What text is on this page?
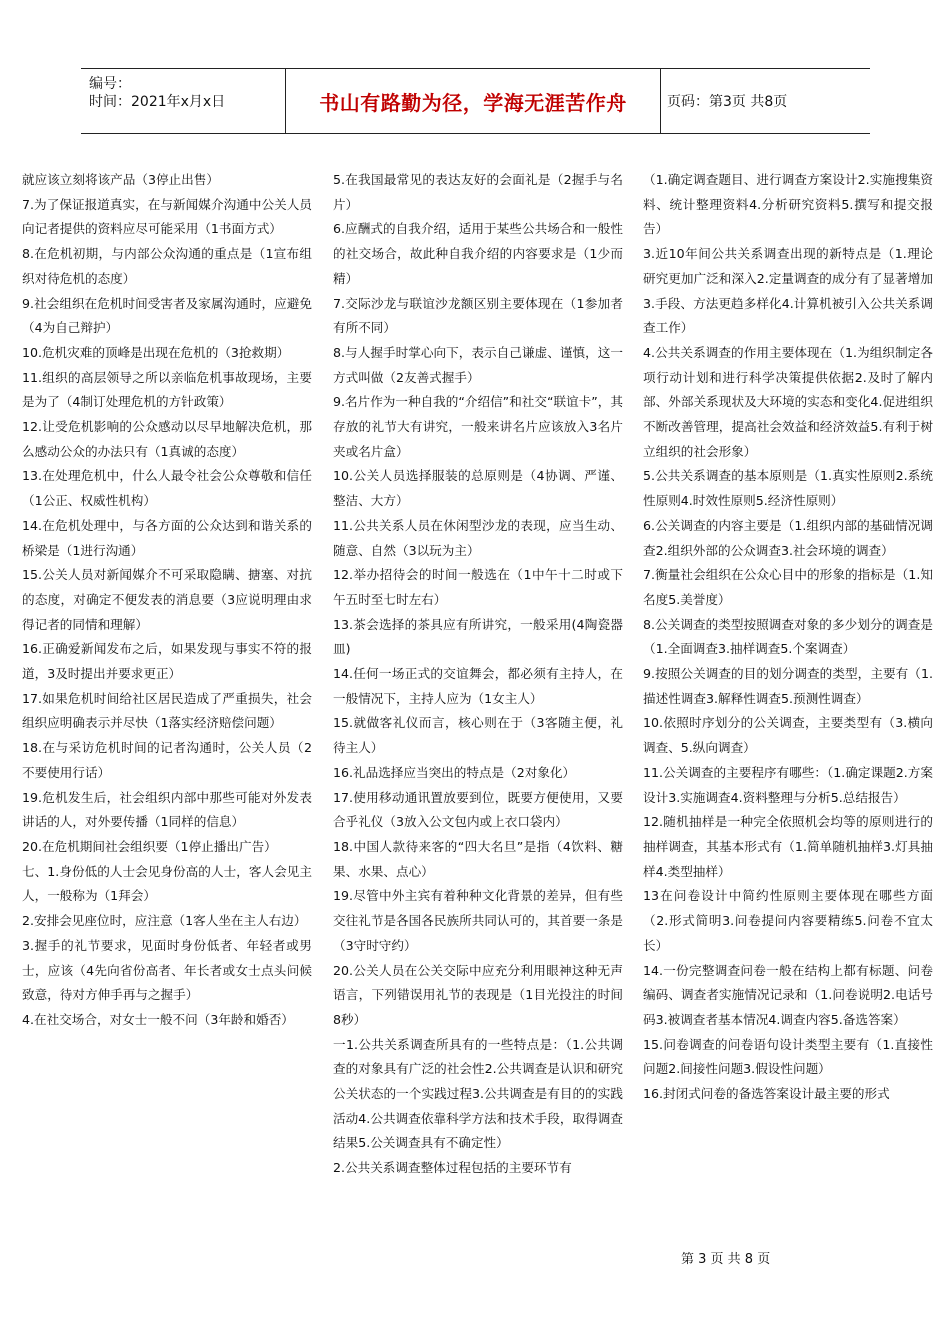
编号：
时间：2021年x月x日	书山有路勤为径，学海无涯苦作舟	页码：第3页 共8页

就应该立刻将该产品（3停止出售）

7.为了保证报道真实，在与新闻媒介沟通中公关人员向记者提供的资料应尽可能采用（1书面方式）

8.在危机初期，与内部公众沟通的重点是（1宣布组织对待危机的态度）

9.社会组织在危机时间受害者及家属沟通时，应避免（4为自己辩护）

10.危机灾难的顶峰是出现在危机的（3抢救期）

11.组织的高层领导之所以亲临危机事故现场，主要是为了（4制订处理危机的方针政策）

12.让受危机影响的公众感动以尽早地解决危机，那么感动公众的办法只有（1真诚的态度）

13.在处理危机中，什么人最令社会公众尊敬和信任（1公正、权威性机构）

14.在危机处理中，与各方面的公众达到和谐关系的桥梁是（1进行沟通）

15.公关人员对新闻媒介不可采取隐瞒、搪塞、对抗的态度，对确定不便发表的消息要（3应说明理由求得记者的同情和理解）

16.正确爱新闻发布之后，如果发现与事实不符的报道，3及时提出并要求更正）

17.如果危机时间给社区居民造成了严重损失，社会组织应明确表示并尽快（1落实经济赔偿问题）

18.在与采访危机时间的记者沟通时，公关人员（2不要使用行话）

19.危机发生后，社会组织内部中那些可能对外发表讲话的人，对外要传播（1同样的信息）

20.在危机期间社会组织要（1停止播出广告）

七、1.身份低的人士会见身份高的人士，客人会见主人，一般称为（1拜会）

2.安排会见座位时，应注意（1客人坐在主人右边）

3.握手的礼节要求，见面时身份低者、年轻者或男士，应该（4先向省份高者、年长者或女士点头问候致意，待对方伸手再与之握手）

4.在社交场合，对女士一般不问（3年龄和婚否）

5.在我国最常见的表达友好的会面礼是（2握手与名片）

6.应酬式的自我介绍，适用于某些公共场合和一般性的社交场合，故此种自我介绍的内容要求是（1少而精）

7.交际沙龙与联谊沙龙额区别主要体现在（1参加者有所不同）

8.与人握手时掌心向下，表示自己谦虚、谨慎，这一方式叫做（2友善式握手）

9.名片作为一种自我的“介绍信”和社交“联谊卡”，其存放的礼节大有讲究，一般来讲名片应该放入3名片夹或名片盒）

10.公关人员选择服装的总原则是（4协调、严谨、整洁、大方）

11.公共关系人员在休闲型沙龙的表现，应当生动、随意、自然（3以玩为主）

12.举办招待会的时间一般选在（1中午十二时或下午五时至七时左右）

13.茶会选择的茶具应有所讲究，一般采用(4陶瓷器皿)

14.任何一场正式的交谊舞会，都必须有主持人，在一般情况下，主持人应为（1女主人）

15.就做客礼仪而言，核心则在于（3客随主便，礼待主人）

16.礼品选择应当突出的特点是（2对象化）

17.使用移动通讯置放要到位，既要方便使用，又要合乎礼仪（3放入公文包内或上衣口袋内）

18.中国人款待来客的“四大名旦”是指（4饮料、糖果、水果、点心）

19.尽管中外主宾有着种种文化背景的差异，但有些交往礼节是各国各民族所共同认可的，其首要一条是（3守时守约）

20.公关人员在公关交际中应充分利用眼神这种无声语言，下列错误用礼节的表现是（1目光投注的时间8秒）

一1.公共关系调查所具有的一些特点是：（1.公共调查的对象具有广泛的社会性2.公共调查是认识和研究公关状态的一个实践过程3.公共调查是有目的的实践活动4.公共调查依靠科学方法和技术手段，取得调查结果5.公关调查具有不确定性）

2.公共关系调查整体过程包括的主要环节有

（1.确定调查题目、进行调查方案设计2.实施搜集资料、统计整理资料4.分析研究资料5.撰写和提交报告）

3.近10年间公共关系调查出现的新特点是（1.理论研究更加广泛和深入2.定量调查的成分有了显著增加3.手段、方法更趋多样化4.计算机被引入公共关系调查工作）

4.公共关系调查的作用主要体现在（1.为组织制定各项行动计划和进行科学决策提供依据2.及时了解内部、外部关系现状及大环境的实态和变化4.促进组织不断改善管理，提高社会效益和经济效益5.有利于树立组织的社会形象）

5.公共关系调查的基本原则是（1.真实性原则2.系统性原则4.时效性原则5.经济性原则）

6.公关调查的内容主要是（1.组织内部的基础情况调查2.组织外部的公众调查3.社会环境的调查）

7.衡量社会组织在公众心目中的形象的指标是（1.知名度5.美誉度）

8.公关调查的类型按照调查对象的多少划分的调查是（1.全面调查3.抽样调查5.个案调查）

9.按照公关调查的目的划分调查的类型，主要有（1.描述性调查3.解释性调查5.预测性调查）

10.依照时序划分的公关调查，主要类型有（3.横向调查、5.纵向调查）

11.公关调查的主要程序有哪些：（1.确定课题2.方案设计3.实施调查4.资料整理与分析5.总结报告）

12.随机抽样是一种完全依照机会均等的原则进行的抽样调查，其基本形式有（1.简单随机抽样3.灯具抽样4.类型抽样）

13在问卷设计中简约性原则主要体现在哪些方面（2.形式简明3.问卷提问内容要精练5.问卷不宜太长）

14.一份完整调查问卷一般在结构上都有标题、问卷编码、调查者实施情况记录和（1.问卷说明2.电话号码3.被调查者基本情况4.调查内容5.备选答案）

15.问卷调查的问卷语句设计类型主要有（1.直接性问题2.间接性问题3.假设性问题）

16.封闭式问卷的备选答案设计最主要的形式

第 3 页 共 8 页
